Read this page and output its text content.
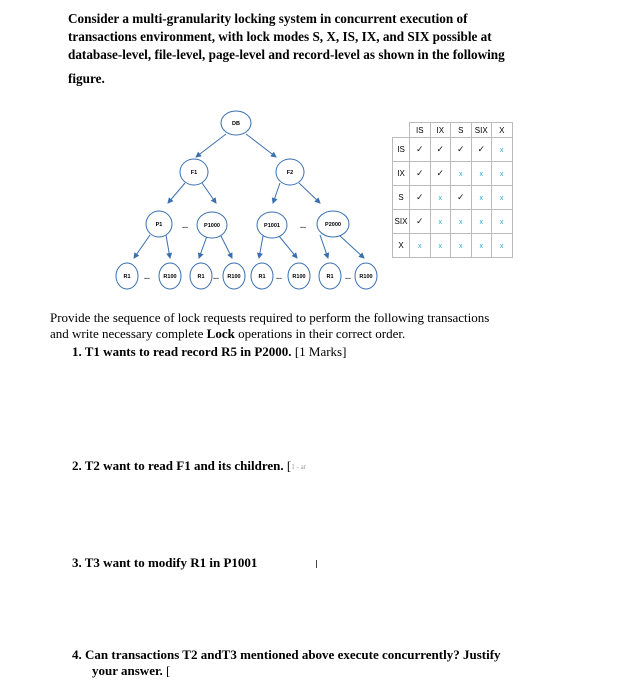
Consider a multi-granularity locking system in concurrent execution of

transactions environment, with lock modes S, X, IS, IX, and SIX possible at

database-level, file-level, page-level and record-level as shown in the following

figure.

DB
F1	F2
P1	P1000	P1001	P2000
R1	R100	R1	R100	R1	R100	R1	R100
...	...
...	...	...	...
	IS	IX	S	SIX	X
IS	✓	✓	✓	✓	x
IX	✓	✓	x	x	x
S	✓	x	✓	x	x
SIX	✓	x	x	x	x
X	x	x	x	x	x

Provide the sequence of lock requests required to perform the following transactions

and write necessary complete Lock operations in their correct order.

1. T1 wants to read record R5 in P2000. [1 Marks]
2. T2 want to read F1 and its children. [1 - ar
3. T3 want to modify R1 in P1001
4. Can transactions T2 andT3 mentioned above execute concurrently? Justify
your answer. [
